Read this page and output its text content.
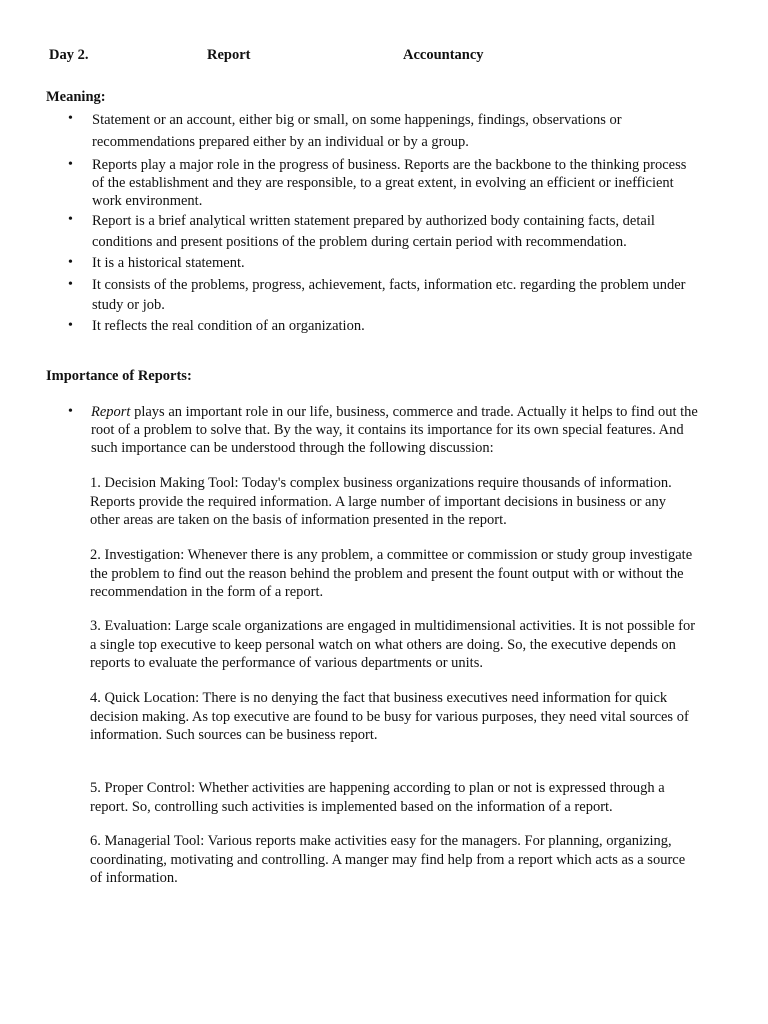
Day 2.	Report	Accountancy
Meaning:
• Statement or an account, either big or small, on some happenings, findings, observations or
recommendations prepared either by an individual or by a group.
• Reports play a major role in the progress of business. Reports are the backbone to the thinking process
of the establishment and they are responsible, to a great extent, in evolving an efficient or inefficient
work environment.
• Report is a brief analytical written statement prepared by authorized body containing facts, detail
conditions and present positions of the problem during certain period with recommendation.
• It is a historical statement.
• It consists of the problems, progress, achievement, facts, information etc. regarding the problem under
study or job.
• It reflects the real condition of an organization.
Importance of Reports:
• Report plays an important role in our life, business, commerce and trade. Actually it helps to find out the
root of a problem to solve that. By the way, it contains its importance for its own special features. And
such importance can be understood through the following discussion:
1. Decision Making Tool: Today's complex business organizations require thousands of information.
Reports provide the required information. A large number of important decisions in business or any
other areas are taken on the basis of information presented in the report.
2. Investigation: Whenever there is any problem, a committee or commission or study group investigate
the problem to find out the reason behind the problem and present the fount output with or without the
recommendation in the form of a report.
3. Evaluation: Large scale organizations are engaged in multidimensional activities. It is not possible for
a single top executive to keep personal watch on what others are doing. So, the executive depends on
reports to evaluate the performance of various departments or units.
4. Quick Location: There is no denying the fact that business executives need information for quick
decision making. As top executive are found to be busy for various purposes, they need vital sources of
information. Such sources can be business report.
5. Proper Control: Whether activities are happening according to plan or not is expressed through a
report. So, controlling such activities is implemented based on the information of a report.
6. Managerial Tool: Various reports make activities easy for the managers. For planning, organizing,
coordinating, motivating and controlling. A manger may find help from a report which acts as a source
of information.
